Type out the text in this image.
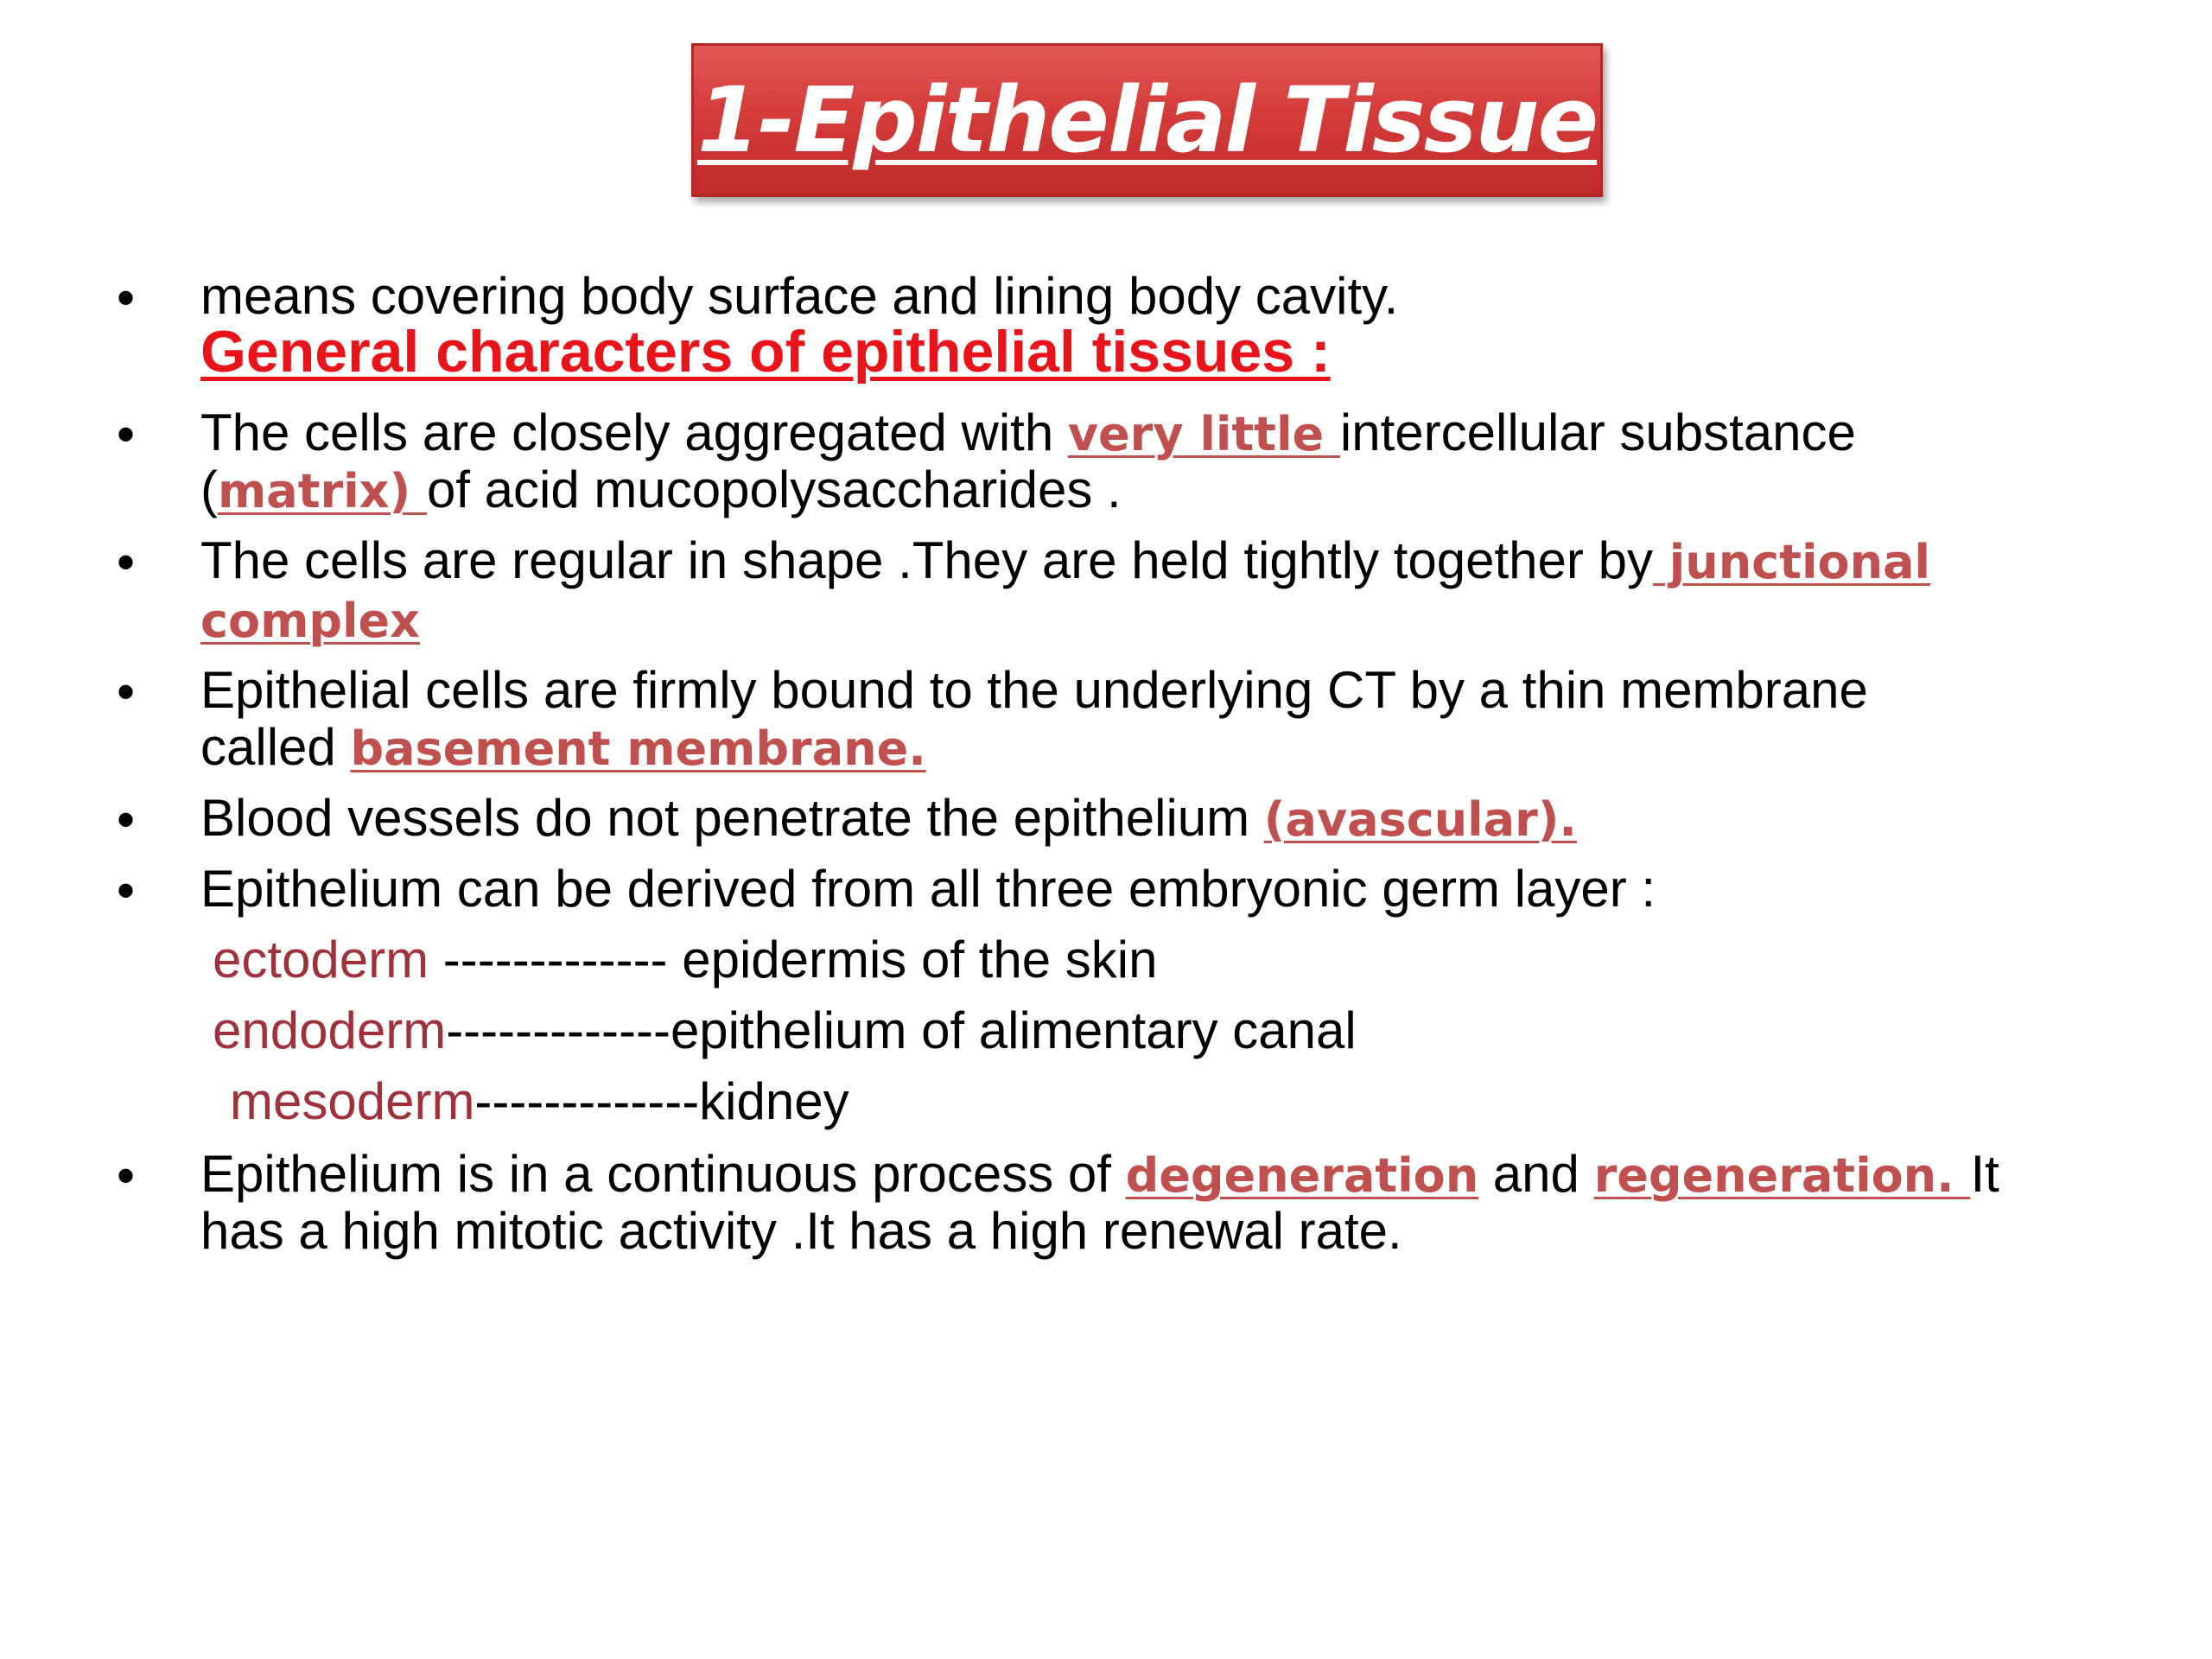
1-Epithelial Tissue
• means covering body surface and lining body cavity.
General characters of epithelial tissues :
• The cells are closely aggregated with very little intercellular substance
(matrix) of acid mucopolysaccharides .
• The cells are regular in shape .They are held tightly together by junctional
complex
• Epithelial cells are firmly bound to the underlying CT by a thin membrane
called basement membrane.
• Blood vessels do not penetrate the epithelium (avascular).
• Epithelium can be derived from all three embryonic germ layer :
ectoderm ------------- epidermis of the skin
endoderm-------------epithelium of alimentary canal
mesoderm-------------kidney
• Epithelium is in a continuous process of degeneration and regeneration. It
has a high mitotic activity .It has a high renewal rate.
